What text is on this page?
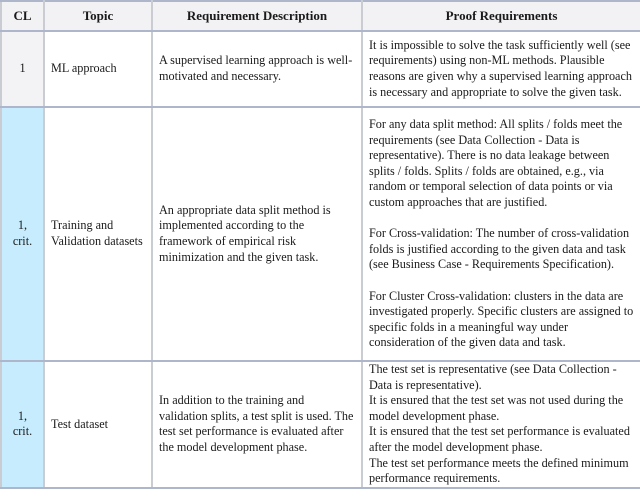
CL	Topic	Requirement Description	Proof Requirements
1	ML approach	A supervised learning approach is well-motivated and necessary.	It is impossible to solve the task sufficiently well (see requirements) using non-ML methods. Plausible reasons are given why a supervised learning approach is necessary and appropriate to solve the given task.

1, crit.	Training and Validation datasets	An appropriate data split method is implemented according to the framework of empirical risk minimization and the given task.	For any data split method: All splits / folds meet the requirements (see Data Collection - Data is representative). There is no data leakage between splits / folds. Splits / folds are obtained, e.g., via random or temporal selection of data points or via custom approaches that are justified.
For Cross-validation: The number of cross-validation folds is justified according to the given data and task (see Business Case - Requirements Specification).
For Cluster Cross-validation: clusters in the data are investigated properly. Specific clusters are assigned to specific folds in a meaningful way under consideration of the given data and task.

1, crit.	Test dataset	In addition to the training and validation splits, a test split is used. The test set performance is evaluated after the model development phase.	The test set is representative (see Data Collection - Data is representative).
It is ensured that the test set was not used during the model development phase.
It is ensured that the test set performance is evaluated after the model development phase.
The test set performance meets the defined minimum performance requirements.
